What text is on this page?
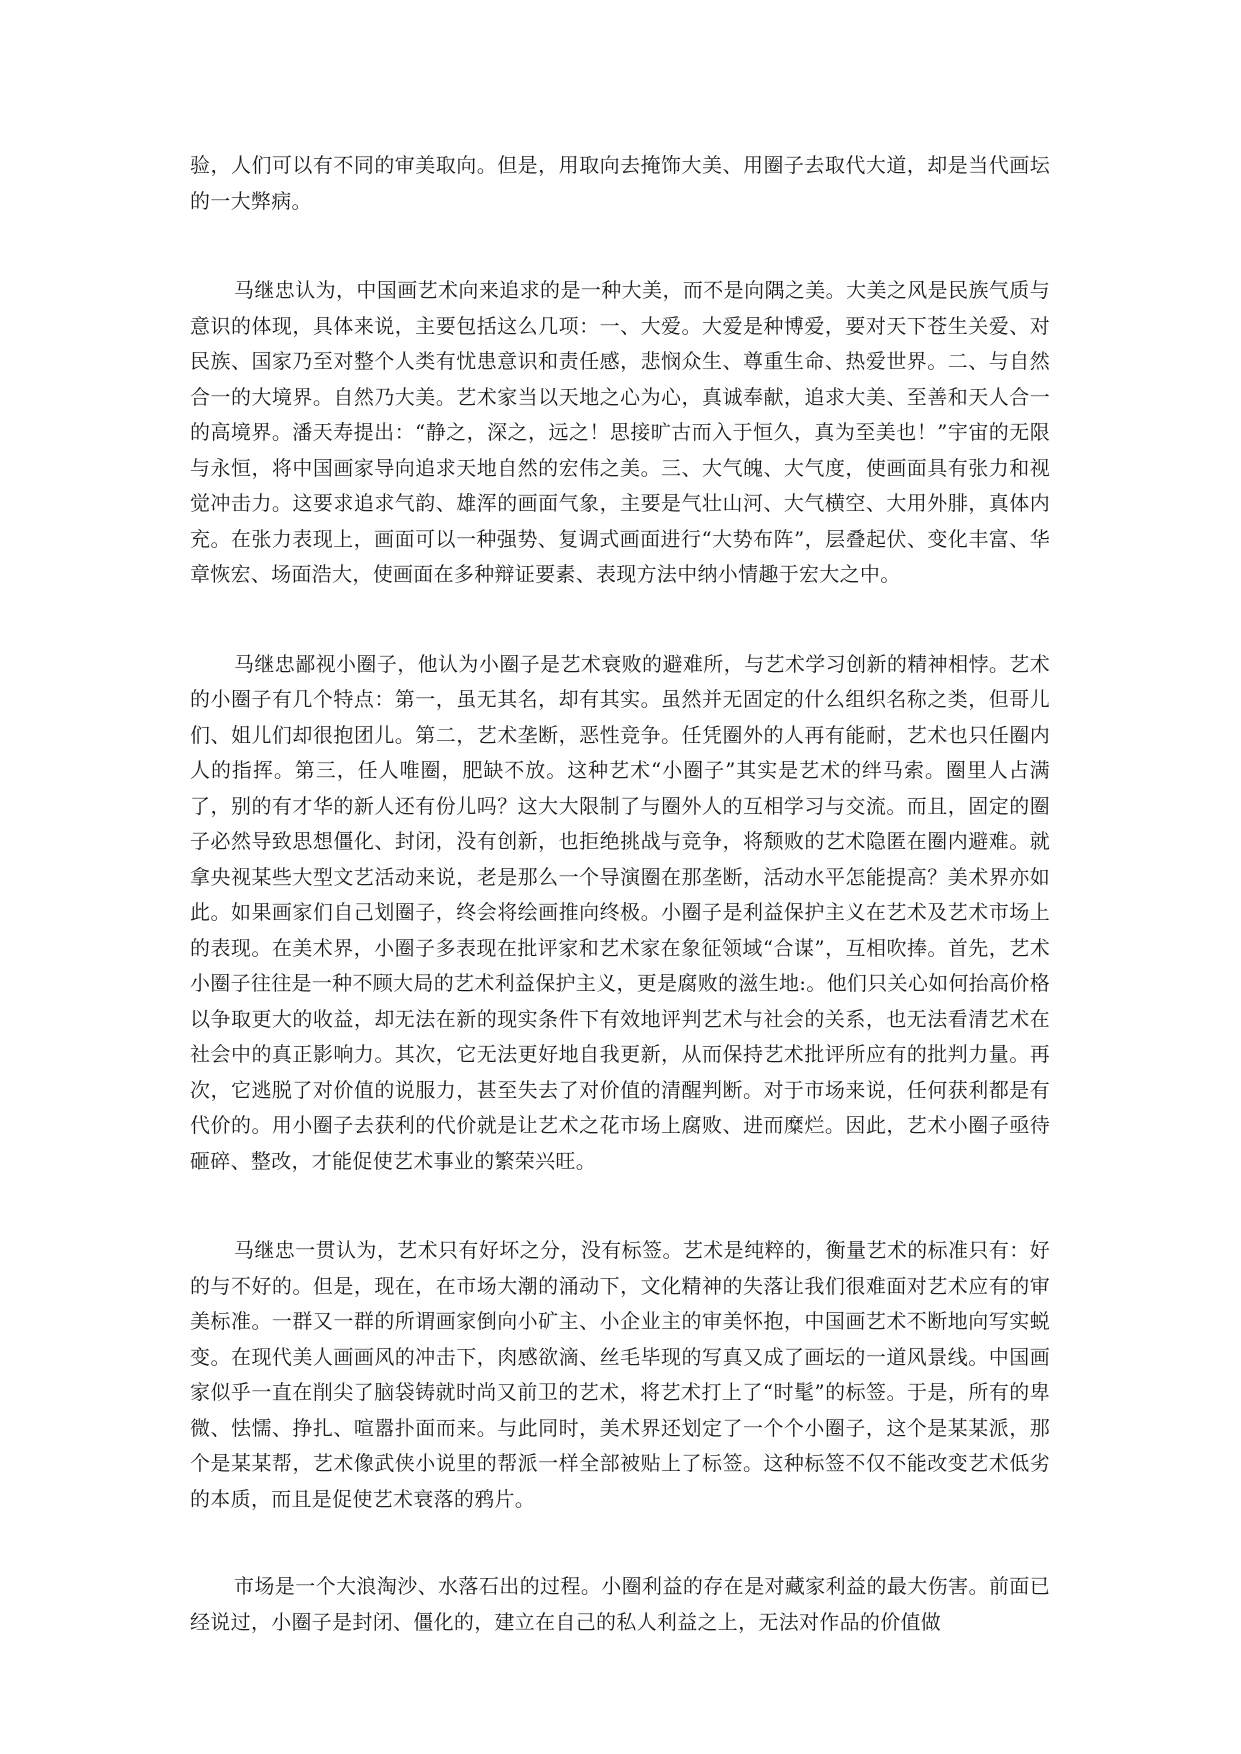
验，人们可以有不同的审美取向。但是，用取向去掩饰大美、用圈子去取代大道，却是当代画坛的一大弊病。

马继忠认为，中国画艺术向来追求的是一种大美，而不是向隅之美。大美之风是民族气质与意识的体现，具体来说，主要包括这么几项：一、大爱。大爱是种博爱，要对天下苍生关爱、对民族、国家乃至对整个人类有忧患意识和责任感，悲悯众生、尊重生命、热爱世界。二、与自然合一的大境界。自然乃大美。艺术家当以天地之心为心，真诚奉献，追求大美、至善和天人合一的高境界。潘天寿提出：“静之，深之，远之！思接旷古而入于恒久，真为至美也！”宇宙的无限与永恒，将中国画家导向追求天地自然的宏伟之美。三、大气魄、大气度，使画面具有张力和视觉冲击力。这要求追求气韵、雄浑的画面气象，主要是气壮山河、大气横空、大用外腓，真体内充。在张力表现上，画面可以一种强势、复调式画面进行“大势布阵”，层叠起伏、变化丰富、华章恢宏、场面浩大，使画面在多种辩证要素、表现方法中纳小情趣于宏大之中。

马继忠鄙视小圈子，他认为小圈子是艺术衰败的避难所，与艺术学习创新的精神相悖。艺术的小圈子有几个特点：第一，虽无其名，却有其实。虽然并无固定的什么组织名称之类，但哥儿们、姐儿们却很抱团儿。第二，艺术垄断，恶性竞争。任凭圈外的人再有能耐，艺术也只任圈内人的指挥。第三，任人唯圈，肥缺不放。这种艺术“小圈子”其实是艺术的绊马索。圈里人占满了，别的有才华的新人还有份儿吗？这大大限制了与圈外人的互相学习与交流。而且，固定的圈子必然导致思想僵化、封闭，没有创新，也拒绝挑战与竞争，将颓败的艺术隐匿在圈内避难。就拿央视某些大型文艺活动来说，老是那么一个导演圈在那垄断，活动水平怎能提高？美术界亦如此。如果画家们自己划圈子，终会将绘画推向终极。小圈子是利益保护主义在艺术及艺术市场上的表现。在美术界，小圈子多表现在批评家和艺术家在象征领域“合谋”，互相吹捧。首先，艺术小圈子往往是一种不顾大局的艺术利益保护主义，更是腐败的滋生地:。他们只关心如何抬高价格以争取更大的收益，却无法在新的现实条件下有效地评判艺术与社会的关系，也无法看清艺术在社会中的真正影响力。其次，它无法更好地自我更新，从而保持艺术批评所应有的批判力量。再次，它逃脱了对价值的说服力，甚至失去了对价值的清醒判断。对于市场来说，任何获利都是有代价的。用小圈子去获利的代价就是让艺术之花市场上腐败、进而糜烂。因此，艺术小圈子亟待砸碎、整改，才能促使艺术事业的繁荣兴旺。

马继忠一贯认为，艺术只有好坏之分，没有标签。艺术是纯粹的，衡量艺术的标准只有：好的与不好的。但是，现在，在市场大潮的涌动下，文化精神的失落让我们很难面对艺术应有的审美标准。一群又一群的所谓画家倒向小矿主、小企业主的审美怀抱，中国画艺术不断地向写实蜕变。在现代美人画画风的冲击下，肉感欲滴、丝毛毕现的写真又成了画坛的一道风景线。中国画家似乎一直在削尖了脑袋铸就时尚又前卫的艺术，将艺术打上了“时髦”的标签。于是，所有的卑微、怯懦、挣扎、喧嚣扑面而来。与此同时，美术界还划定了一个个小圈子，这个是某某派，那个是某某帮，艺术像武侠小说里的帮派一样全部被贴上了标签。这种标签不仅不能改变艺术低劣的本质，而且是促使艺术衰落的鸦片。

市场是一个大浪淘沙、水落石出的过程。小圈利益的存在是对藏家利益的最大伤害。前面已经说过，小圈子是封闭、僵化的，建立在自己的私人利益之上，无法对作品的价值做
